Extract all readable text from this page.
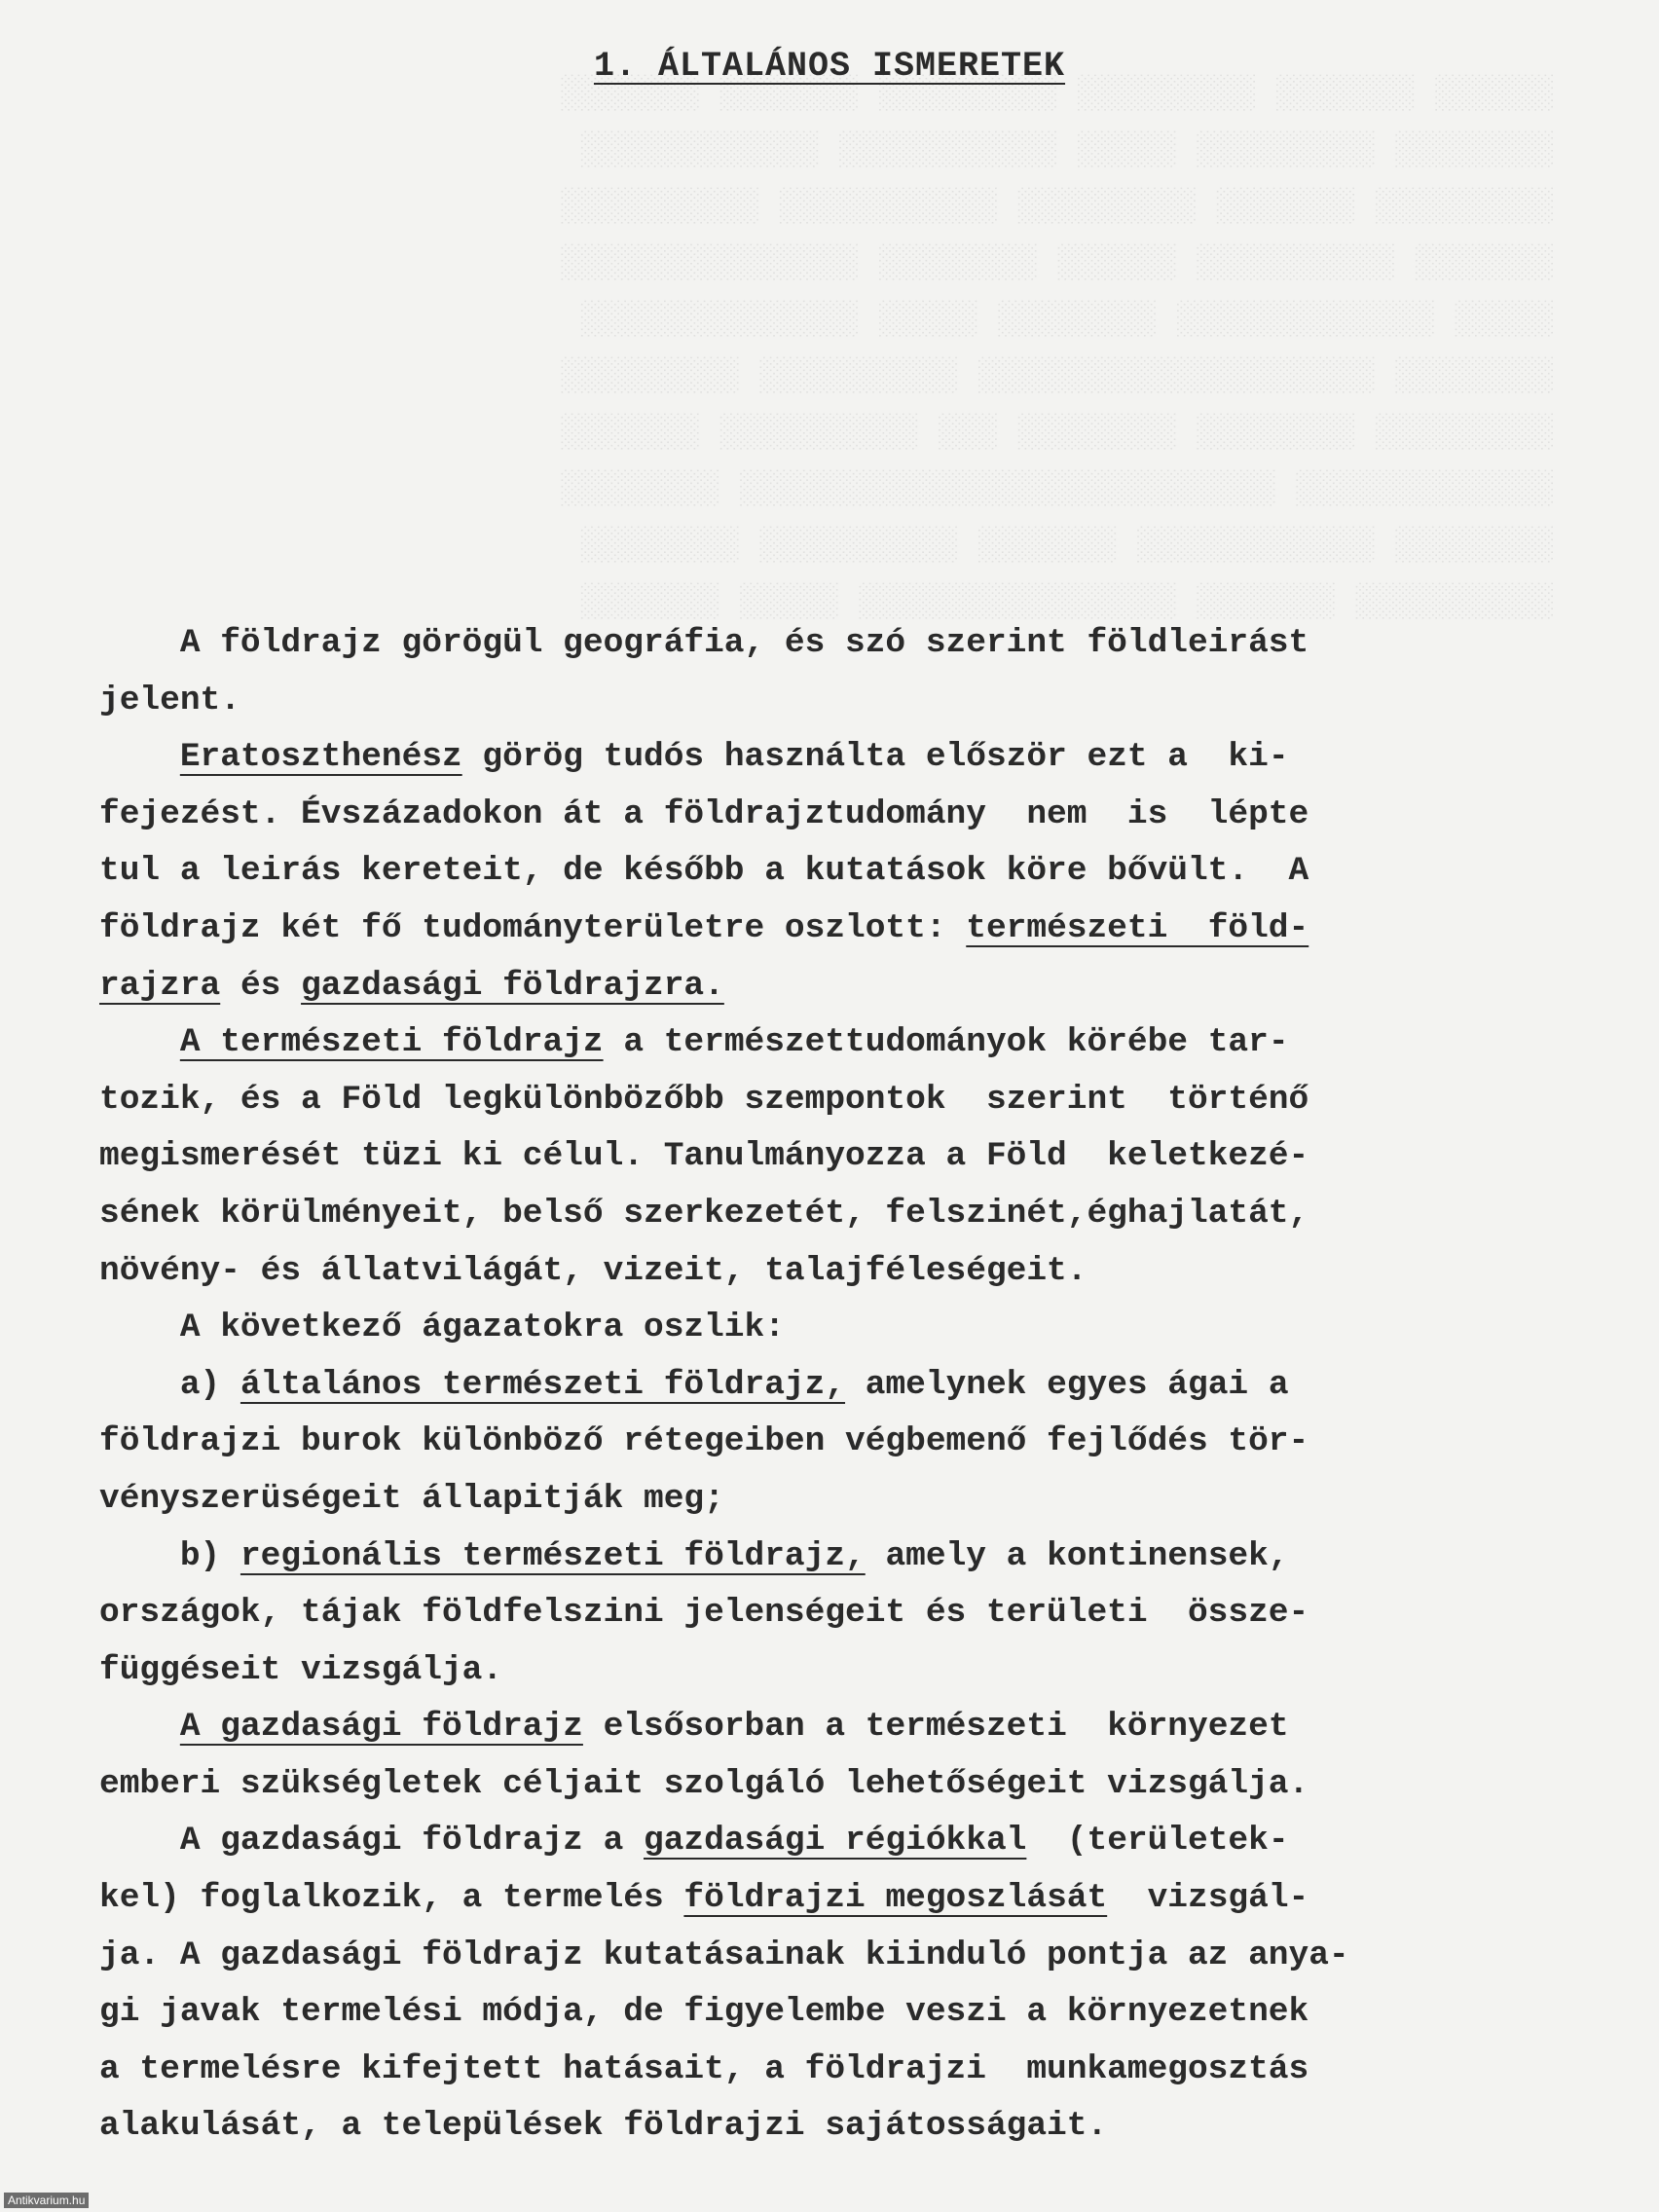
░░░░░░ ░░░░░░░ ░░░░░░░░░ ░░░░░░░░░ ░░░░░░░ ░░░░░░░
░░░░░░░░ ░░░░░░░░░ ░░░░░ ░░░░░░░░░░░ ░░░░░░░░░░░░
░░░░░░░░░ ░░░░░░░ ░░░░░░░░░ ░░░░░░░░░░░ ░░░░░░░░░░
░░░░░░░ ░░░░░░░░░░ ░░░░░░ ░░░░░░░░ ░░░░░░░░░░░░░░░
░░░░░ ░░░░░░░░░░░░░ ░░░░░░░░ ░░░░░ ░░░░░░░░░░░░░░
░░░░░░░░ ░░░░░░░░░░░░░░░░░░░░ ░░░░░░░░░░ ░░░░░░░░░
░░░░░░░░░ ░░░░░░░░ ░░░░░░░░ ░░░ ░░░░░░░░░░ ░░░░░░░
░░░░░░░░░░░░░ ░░░░░░░░░░░░░░░░░░░░░░░░░░░ ░░░░░░░░
░░░░░░░░ ░░░░░░░░░░░░ ░░░░░░░ ░░░░░░░░░░ ░░░░░░░░
░░░░░░░░░░ ░░░░░░░ ░░░░░░░░░░░░░░░░ ░░░░░ ░░░░░░░

1. ÁLTALÁNOS ISMERETEK
A földrajz görögül geográfia, és szó szerint földleirást
jelent.
Eratoszthenész görög tudós használta először ezt a  ki-
fejezést. Évszázadokon át a földrajztudomány  nem  is  lépte
tul a leirás kereteit, de később a kutatások köre bővült.  A
földrajz két fő tudományterületre oszlott: természeti  föld-
rajzra és gazdasági földrajzra.
A természeti földrajz a természettudományok körébe tar-
tozik, és a Föld legkülönbözőbb szempontok  szerint  történő
megismerését tüzi ki célul. Tanulmányozza a Föld  keletkezé-
sének körülményeit, belső szerkezetét, felszinét,éghajlatát,
növény- és állatvilágát, vizeit, talajféleségeit.
A következő ágazatokra oszlik:
a) általános természeti földrajz, amelynek egyes ágai a
földrajzi burok különböző rétegeiben végbemenő fejlődés tör-
vényszerüségeit állapitják meg;
b) regionális természeti földrajz, amely a kontinensek,
országok, tájak földfelszini jelenségeit és területi  össze-
függéseit vizsgálja.
A gazdasági földrajz elsősorban a természeti  környezet
emberi szükségletek céljait szolgáló lehetőségeit vizsgálja.
A gazdasági földrajz a gazdasági régiókkal  (területek-
kel) foglalkozik, a termelés földrajzi megoszlását  vizsgál-
ja. A gazdasági földrajz kutatásainak kiinduló pontja az anya-
gi javak termelési módja, de figyelembe veszi a környezetnek
a termelésre kifejtett hatásait, a földrajzi  munkamegosztás
alakulását, a települések földrajzi sajátosságait.
Antikvarium.hu
